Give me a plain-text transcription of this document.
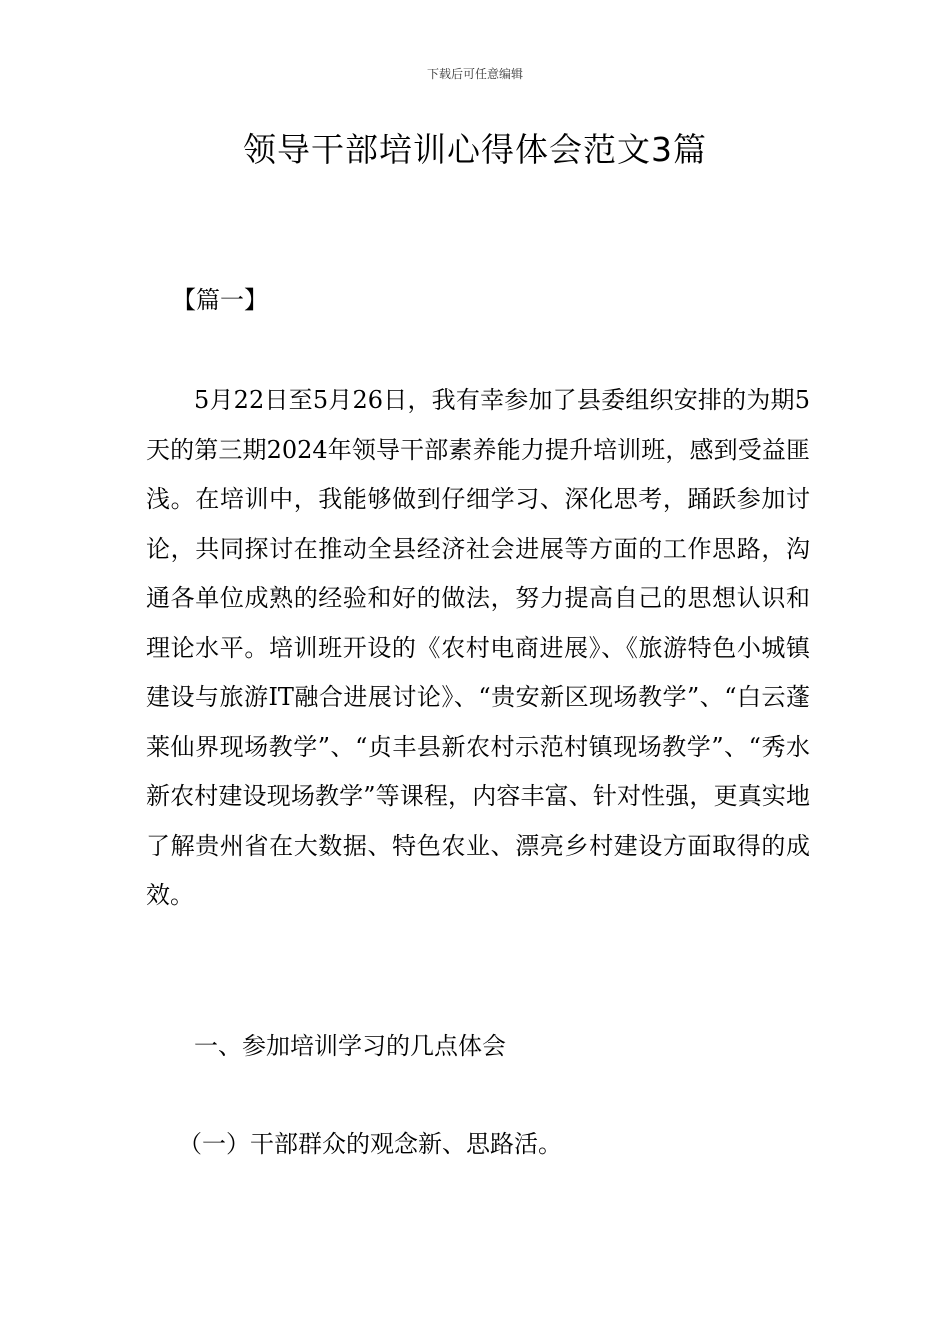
下载后可任意编辑
领导干部培训心得体会范文3篇

【篇一】

5月22日至5月26日，我有幸参加了县委组织安排的为期5天的第三期2024年领导干部素养能力提升培训班，感到受益匪浅。在培训中，我能够做到仔细学习、深化思考，踊跃参加讨论，共同探讨在推动全县经济社会进展等方面的工作思路，沟通各单位成熟的经验和好的做法，努力提高自己的思想认识和理论水平。培训班开设的《农村电商进展》、《旅游特色小城镇建设与旅游IT融合进展讨论》、“贵安新区现场教学”、“白云蓬莱仙界现场教学”、“贞丰县新农村示范村镇现场教学”、“秀水新农村建设现场教学”等课程，内容丰富、针对性强，更真实地了解贵州省在大数据、特色农业、漂亮乡村建设方面取得的成效。

一、参加培训学习的几点体会

（一）干部群众的观念新、思路活。
